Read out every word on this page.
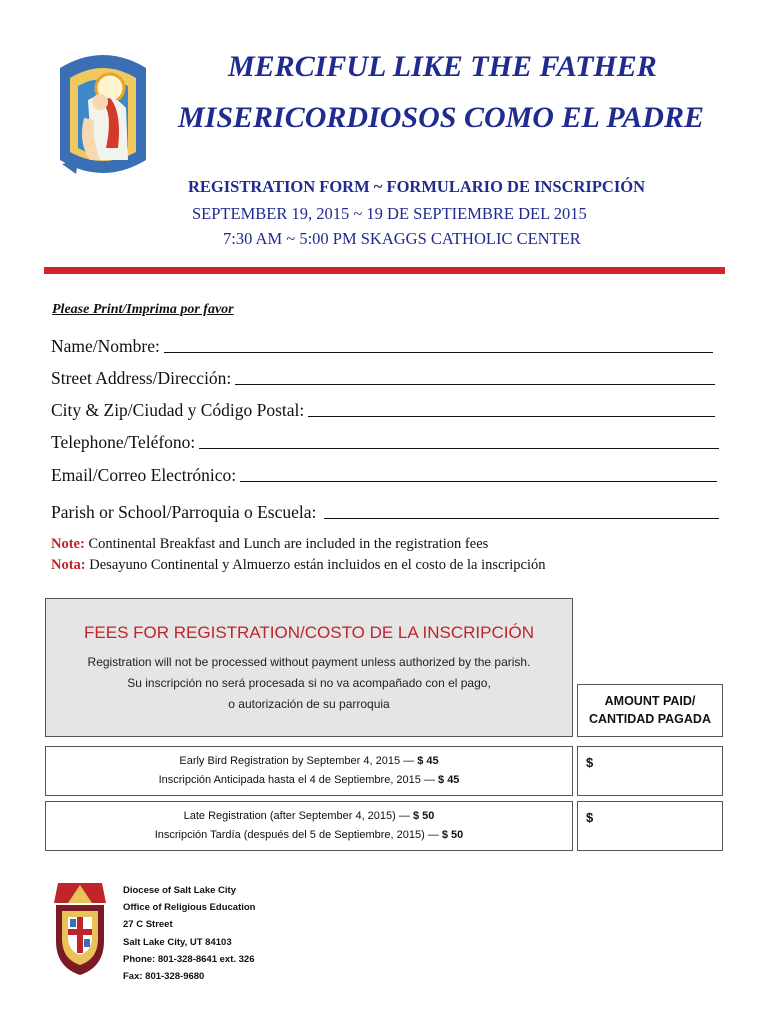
MERCIFUL LIKE THE FATHER
MISERICORDIOSOS COMO EL PADRE
REGISTRATION FORM ~ FORMULARIO DE INSCRIPCIÓN
SEPTEMBER 19, 2015 ~ 19 DE SEPTIEMBRE DEL 2015
7:30 AM ~ 5:00 PM SKAGGS CATHOLIC CENTER
Please Print/Imprima por favor
Name/Nombre:
Street Address/Dirección:
City & Zip/Ciudad y Código Postal:
Telephone/Teléfono:
Email/Correo Electrónico:
Parish or School/Parroquia o Escuela:
Note: Continental Breakfast and Lunch are included in the registration fees
Nota: Desayuno Continental y Almuerzo están incluidos en el costo de la inscripción
FEES FOR REGISTRATION/COSTO DE LA INSCRIPCIÓN
Registration will not be processed without payment unless authorized by the parish.
Su inscripción no será procesada si no va acompañado con el pago,
o autorización de su parroquia	AMOUNT PAID/
CANTIDAD PAGADA
Early Bird Registration by September 4, 2015 — $ 45
Inscripción Anticipada hasta el 4 de Septiembre, 2015 — $ 45
$
Late Registration (after September 4, 2015) — $ 50
Inscripción Tardía (después del 5 de Septiembre, 2015) — $ 50
$
Diocese of Salt Lake City
Office of Religious Education
27 C Street
Salt Lake City, UT 84103
Phone: 801-328-8641 ext. 326
Fax: 801-328-9680
